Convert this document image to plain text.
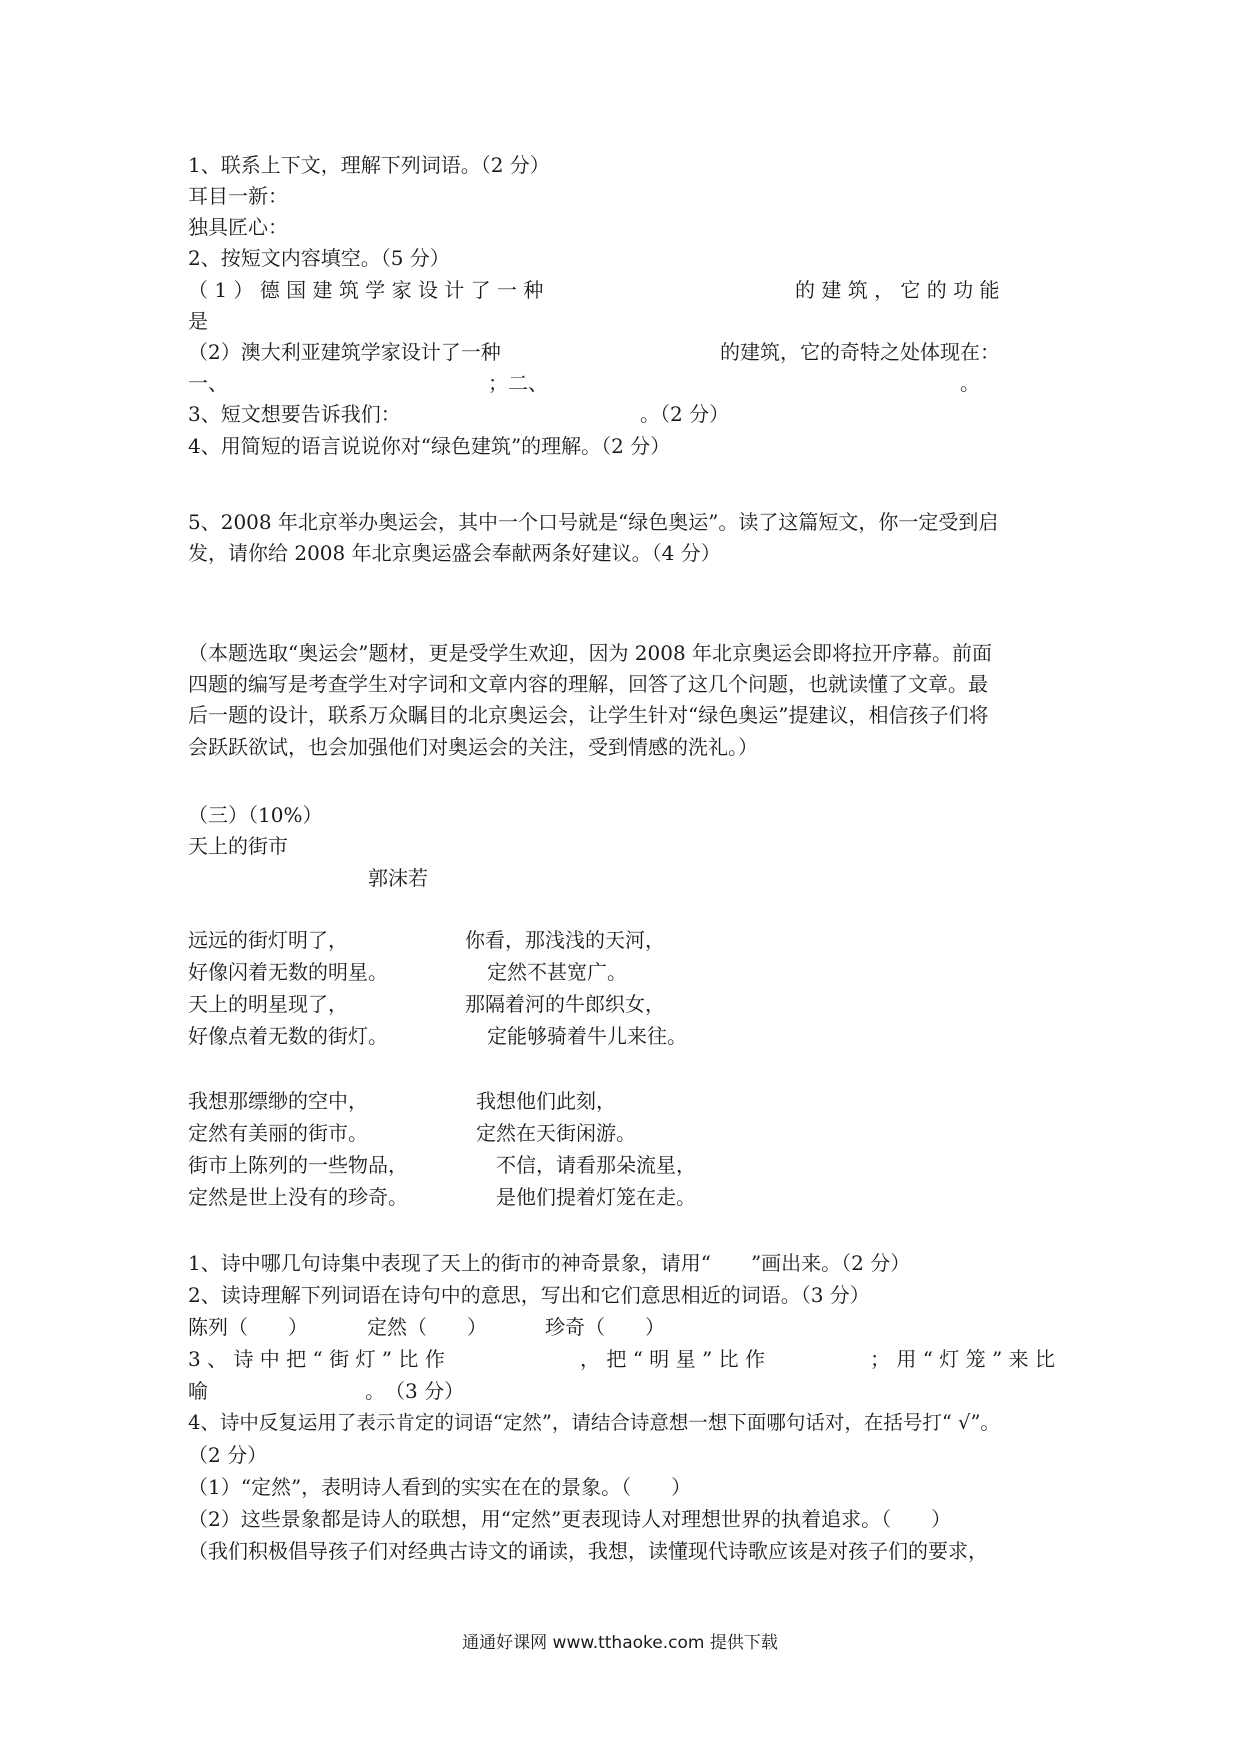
1、联系上下文，理解下列词语。（2 分）
耳目一新：
独具匠心：
2、按短文内容填空。（5 分）
（ 1 ） 德 国 建 筑 学 家 设 计 了 一 种	的 建 筑 ， 它 的 功 能
是
（2）澳大利亚建筑学家设计了一种	的建筑，它的奇特之处体现在：
一、	；二、	。
3、短文想要告诉我们：	。（2 分）
4、用简短的语言说说你对“绿色建筑”的理解。（2 分）
5、2008 年北京举办奥运会，其中一个口号就是“绿色奥运”。读了这篇短文，你一定受到启
发，请你给 2008 年北京奥运盛会奉献两条好建议。（4 分）
（本题选取“奥运会”题材，更是受学生欢迎，因为 2008 年北京奥运会即将拉开序幕。前面
四题的编写是考查学生对字词和文章内容的理解，回答了这几个问题，也就读懂了文章。最
后一题的设计，联系万众瞩目的北京奥运会，让学生针对“绿色奥运”提建议，相信孩子们将
会跃跃欲试，也会加强他们对奥运会的关注，受到情感的洗礼。）
（三）（10%）
天上的街市
郭沫若
远远的街灯明了，	你看，那浅浅的天河，
好像闪着无数的明星。	定然不甚宽广。
天上的明星现了，	那隔着河的牛郎织女，
好像点着无数的街灯。	定能够骑着牛儿来往。
我想那缥缈的空中，	我想他们此刻，
定然有美丽的街市。	定然在天街闲游。
街市上陈列的一些物品，	不信，请看那朵流星，
定然是世上没有的珍奇。	是他们提着灯笼在走。
1、诗中哪几句诗集中表现了天上的街市的神奇景象，请用“　　”画出来。（2 分）
2、读诗理解下列词语在诗句中的意思，写出和它们意思相近的词语。（3 分）
陈列（　　）	定然（　　）	珍奇（　　）
3 、 诗 中 把 “ 街 灯 ” 比 作	， 把 “ 明 星 ” 比 作	； 用 “ 灯 笼 ” 来 比
喻	。　（3 分）
4、诗中反复运用了表示肯定的词语“定然”，请结合诗意想一想下面哪句话对，在括号打“ √”。
（2 分）
（1）“定然”，表明诗人看到的实实在在的景象。（　　）
（2）这些景象都是诗人的联想，用“定然”更表现诗人对理想世界的执着追求。（　　）
（我们积极倡导孩子们对经典古诗文的诵读，我想，读懂现代诗歌应该是对孩子们的要求，
通通好课网 www.tthaoke.com 提供下载
